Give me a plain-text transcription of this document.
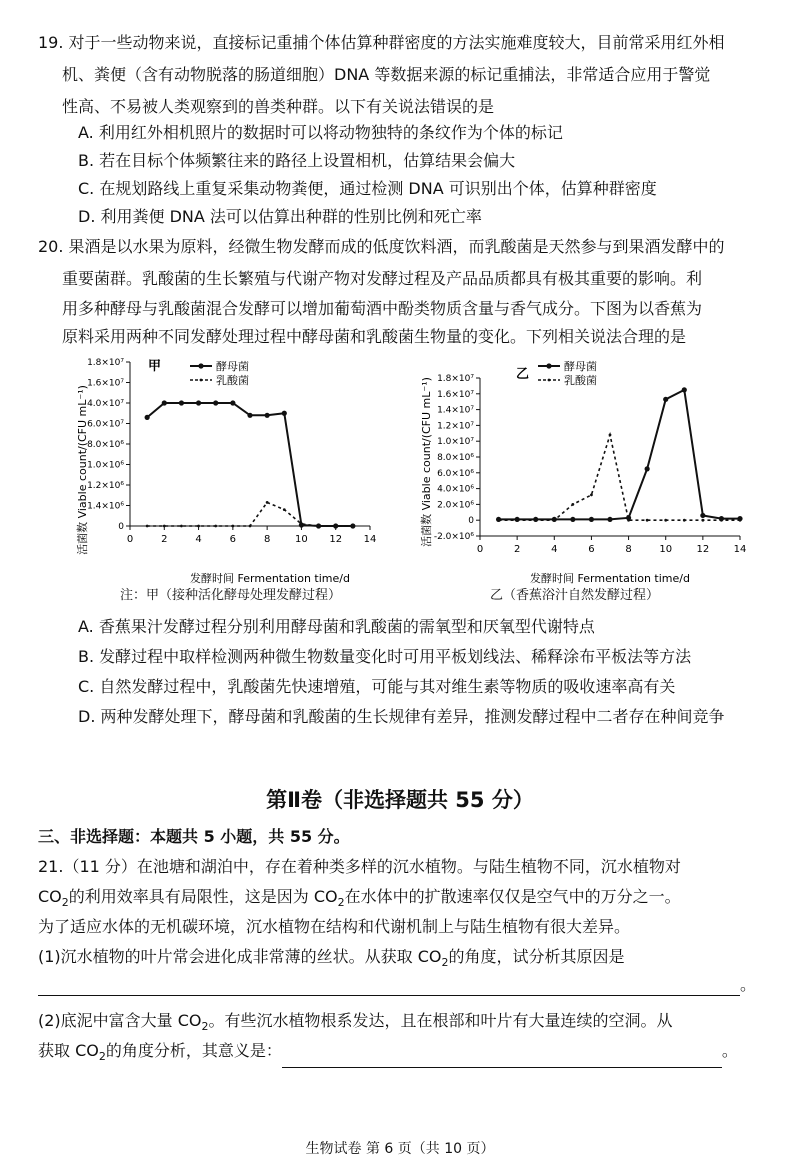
19. 对于一些动物来说，直接标记重捕个体估算种群密度的方法实施难度较大，目前常采用红外相
机、粪便（含有动物脱落的肠道细胞）DNA 等数据来源的标记重捕法，非常适合应用于警觉
性高、不易被人类观察到的兽类种群。以下有关说法错误的是
A. 利用红外相机照片的数据时可以将动物独特的条纹作为个体的标记
B. 若在目标个体频繁往来的路径上设置相机，估算结果会偏大
C. 在规划路线上重复采集动物粪便，通过检测 DNA 可识别出个体，估算种群密度
D. 利用粪便 DNA 法可以估算出种群的性别比例和死亡率
20. 果酒是以水果为原料，经微生物发酵而成的低度饮料酒，而乳酸菌是天然参与到果酒发酵中的
重要菌群。乳酸菌的生长繁殖与代谢产物对发酵过程及产品品质都具有极其重要的影响。利
用多种酵母与乳酸菌混合发酵可以增加葡萄酒中酚类物质含量与香气成分。下图为以香蕉为
原料采用两种不同发酵处理过程中酵母菌和乳酸菌生物量的变化。下列相关说法合理的是
甲
活菌数 Viable count/(CFU mL⁻¹)	0	2	4	6	8 10 12 14
0
1.4×10⁶
1.2×10⁶
1.0×10⁶
8.0×10⁶
6.0×10⁷
4.0×10⁷
1.6×10⁷
1.8×10⁷	酵母菌
乳酸菌
发酵时间 Fermentation time/d
注：甲（接种活化酵母处理发酵过程）
乙
活菌数 Viable count/(CFU mL⁻¹)
0	2	4	6	8	10 12 14
-2.0×10⁶
0
2.0×10⁶
4.0×10⁶
6.0×10⁶
8.0×10⁶
1.0×10⁷
1.2×10⁷
1.4×10⁷
1.6×10⁷
1.8×10⁷
酵母菌
乳酸菌
发酵时间 Fermentation time/d
乙（香蕉浴汁自然发酵过程）
A. 香蕉果汁发酵过程分别利用酵母菌和乳酸菌的需氧型和厌氧型代谢特点
B. 发酵过程中取样检测两种微生物数量变化时可用平板划线法、稀释涂布平板法等方法
C. 自然发酵过程中，乳酸菌先快速增殖，可能与其对维生素等物质的吸收速率高有关
D. 两种发酵处理下，酵母菌和乳酸菌的生长规律有差异，推测发酵过程中二者存在种间竞争
第Ⅱ卷（非选择题共 55 分）
三、非选择题：本题共 5 小题，共 55 分。
21.（11 分）在池塘和湖泊中，存在着种类多样的沉水植物。与陆生植物不同，沉水植物对
$CO_2$的利用效率具有局限性，这是因为 $CO_2$在水体中的扩散速率仅仅是空气中的万分之一。
为了适应水体的无机碳环境，沉水植物在结构和代谢机制上与陆生植物有很大差异。
(1)沉水植物的叶片常会进化成非常薄的丝状。从获取 $CO_2$的角度，试分析其原因是
。
(2)底泥中富含大量 $CO_2$。有些沉水植物根系发达，且在根部和叶片有大量连续的空洞。从
获取 $CO_2$的角度分析，其意义是：	。
生物试卷 第 6 页（共 10 页）
